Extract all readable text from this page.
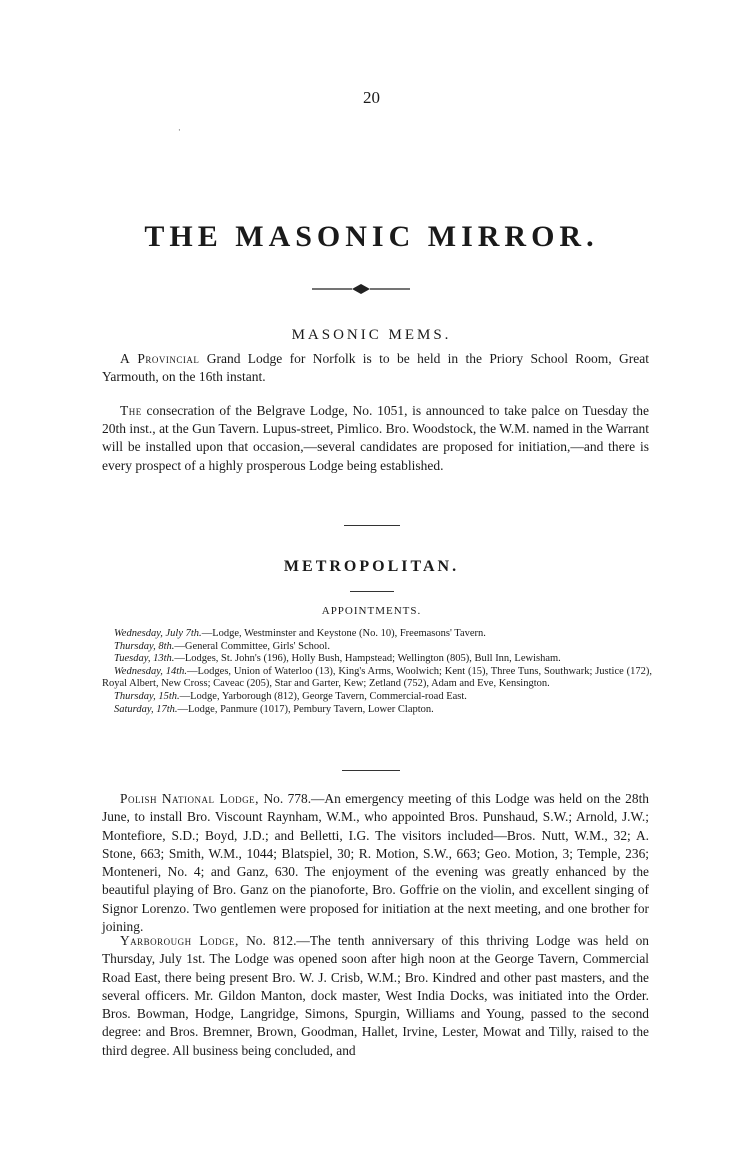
20
·
THE MASONIC MIRROR.
MASONIC MEMS.

A Provincial Grand Lodge for Norfolk is to be held in the Priory School Room, Great Yarmouth, on the 16th instant.

The consecration of the Belgrave Lodge, No. 1051, is announced to take palce on Tuesday the 20th inst., at the Gun Tavern. Lupus-street, Pimlico. Bro. Woodstock, the W.M. named in the Warrant will be installed upon that occasion,—several candidates are proposed for initiation,—and there is every prospect of a highly prosperous Lodge being established.

METROPOLITAN.
APPOINTMENTS.
Wednesday, July 7th.—Lodge, Westminster and Keystone (No. 10), Freemasons' Tavern.
Thursday, 8th.—General Committee, Girls' School.
Tuesday, 13th.—Lodges, St. John's (196), Holly Bush, Hampstead; Wellington (805), Bull Inn, Lewisham.
Wednesday, 14th.—Lodges, Union of Waterloo (13), King's Arms, Woolwich; Kent (15), Three Tuns, Southwark; Justice (172), Royal Albert, New Cross; Caveac (205), Star and Garter, Kew; Zetland (752), Adam and Eve, Kensington.
Thursday, 15th.—Lodge, Yarborough (812), George Tavern, Commercial-road East.
Saturday, 17th.—Lodge, Panmure (1017), Pembury Tavern, Lower Clapton.

Polish National Lodge, No. 778.—An emergency meeting of this Lodge was held on the 28th June, to install Bro. Viscount Raynham, W.M., who appointed Bros. Punshaud, S.W.; Arnold, J.W.; Montefiore, S.D.; Boyd, J.D.; and Belletti, I.G. The visitors included—Bros. Nutt, W.M., 32; A. Stone, 663; Smith, W.M., 1044; Blatspiel, 30; R. Motion, S.W., 663; Geo. Motion, 3; Temple, 236; Monteneri, No. 4; and Ganz, 630. The enjoyment of the evening was greatly enhanced by the beautiful playing of Bro. Ganz on the pianoforte, Bro. Goffrie on the violin, and excellent singing of Signor Lorenzo. Two gentlemen were proposed for initiation at the next meeting, and one brother for joining.

Yarborough Lodge, No. 812.—The tenth anniversary of this thriving Lodge was held on Thursday, July 1st. The Lodge was opened soon after high noon at the George Tavern, Commercial Road East, there being present Bro. W. J. Crisb, W.M.; Bro. Kindred and other past masters, and the several officers. Mr. Gildon Manton, dock master, West India Docks, was initiated into the Order. Bros. Bowman, Hodge, Langridge, Simons, Spurgin, Williams and Young, passed to the second degree: and Bros. Bremner, Brown, Goodman, Hallet, Irvine, Lester, Mowat and Tilly, raised to the third degree. All business being concluded, and
